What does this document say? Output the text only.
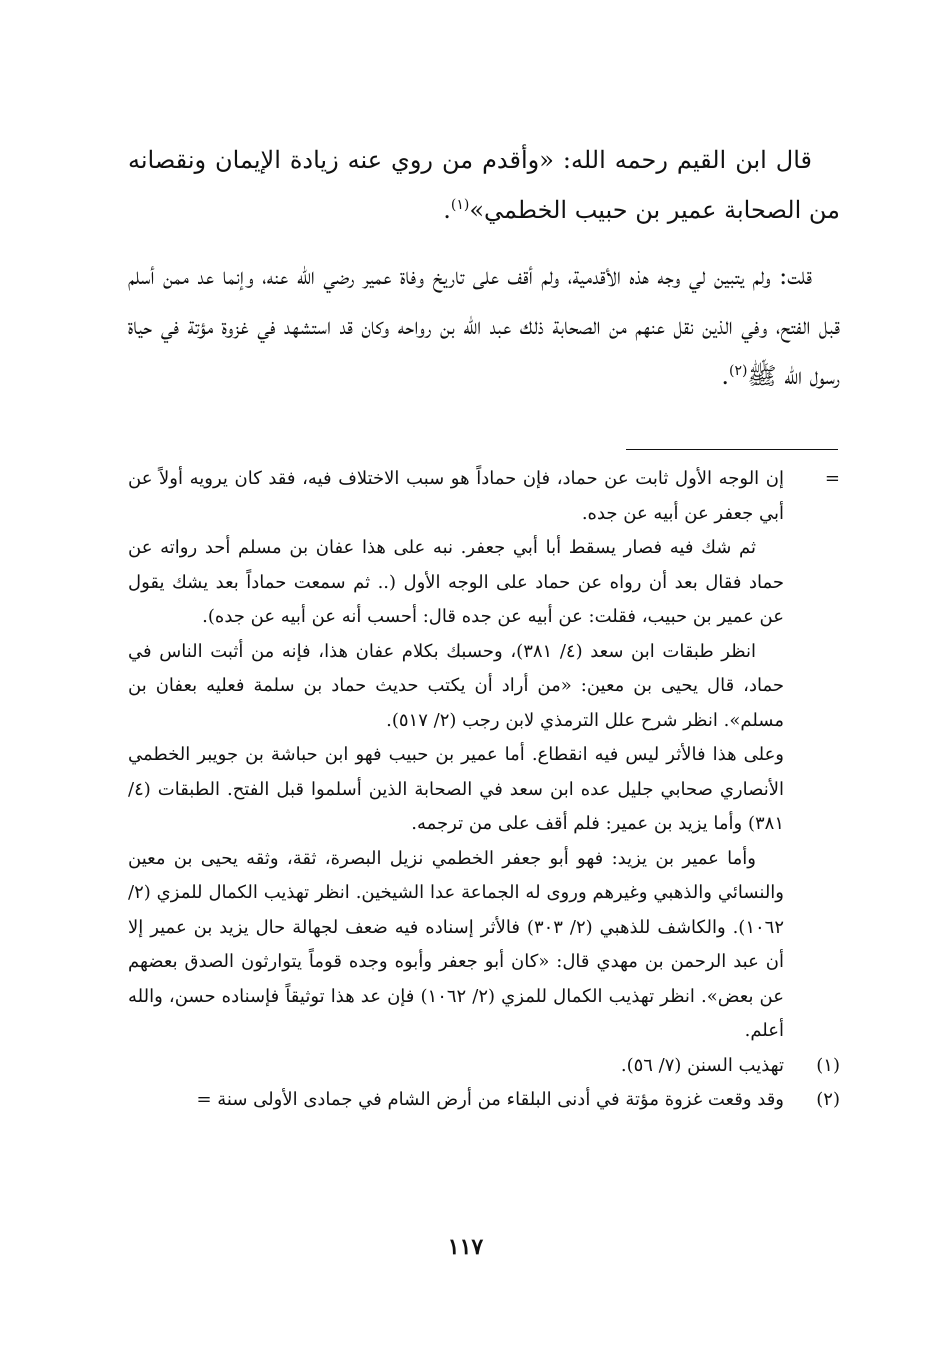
قال ابن القيم رحمه الله: «وأقدم من روي عنه زيادة الإيمان ونقصانه من الصحابة عمير بن حبيب الخطمي»$^{(١)}$.

قلت: ولم يتبين لي وجه هذه الأقدمية، ولم أقف على تاريخ وفاة عمير رضي الله عنه، وإنما عد ممن أسلم قبل الفتح، وفي الذين نقل عنهم من الصحابة ذلك عبد الله بن رواحه وكان قد استشهد في غزوة مؤتة في حياة رسول الله ﷺ$^{(٢)}$.

=

إن الوجه الأول ثابت عن حماد، فإن حماداً هو سبب الاختلاف فيه، فقد كان يرويه أولاً عن أبي جعفر عن أبيه عن جده.

ثم شك فيه فصار يسقط أبا أبي جعفر. نبه على هذا عفان بن مسلم أحد رواته عن حماد فقال بعد أن رواه عن حماد على الوجه الأول (.. ثم سمعت حماداً بعد يشك يقول عن عمير بن حبيب، فقلت: عن أبيه عن جده قال: أحسب أنه عن أبيه عن جده).

انظر طبقات ابن سعد (٤/ ٣٨١)، وحسبك بكلام عفان هذا، فإنه من أثبت الناس في حماد، قال يحيى بن معين: «من أراد أن يكتب حديث حماد بن سلمة فعليه بعفان بن مسلم». انظر شرح علل الترمذي لابن رجب (٢/ ٥١٧).

وعلى هذا فالأثر ليس فيه انقطاع. أما عمير بن حبيب فهو ابن حباشة بن جويبر الخطمي الأنصاري صحابي جليل عده ابن سعد في الصحابة الذين أسلموا قبل الفتح. الطبقات (٤/ ٣٨١) وأما يزيد بن عمير: فلم أقف على من ترجمه.

وأما عمير بن يزيد: فهو أبو جعفر الخطمي نزيل البصرة، ثقة، وثقه يحيى بن معين والنسائي والذهبي وغيرهم وروى له الجماعة عدا الشيخين. انظر تهذيب الكمال للمزي (٢/ ١٠٦٢). والكاشف للذهبي (٢/ ٣٠٣) فالأثر إسناده فيه ضعف لجهالة حال يزيد بن عمير إلا أن عبد الرحمن بن مهدي قال: «كان أبو جعفر وأبوه وجده قوماً يتوارثون الصدق بعضهم عن بعض». انظر تهذيب الكمال للمزي (٢/ ١٠٦٢) فإن عد هذا توثيقاً فإسناده حسن، والله أعلم.

(١)
تهذيب السنن (٧/ ٥٦).
(٢)
وقد وقعت غزوة مؤتة في أدنى البلقاء من أرض الشام في جمادى الأولى سنة =
١١٧
